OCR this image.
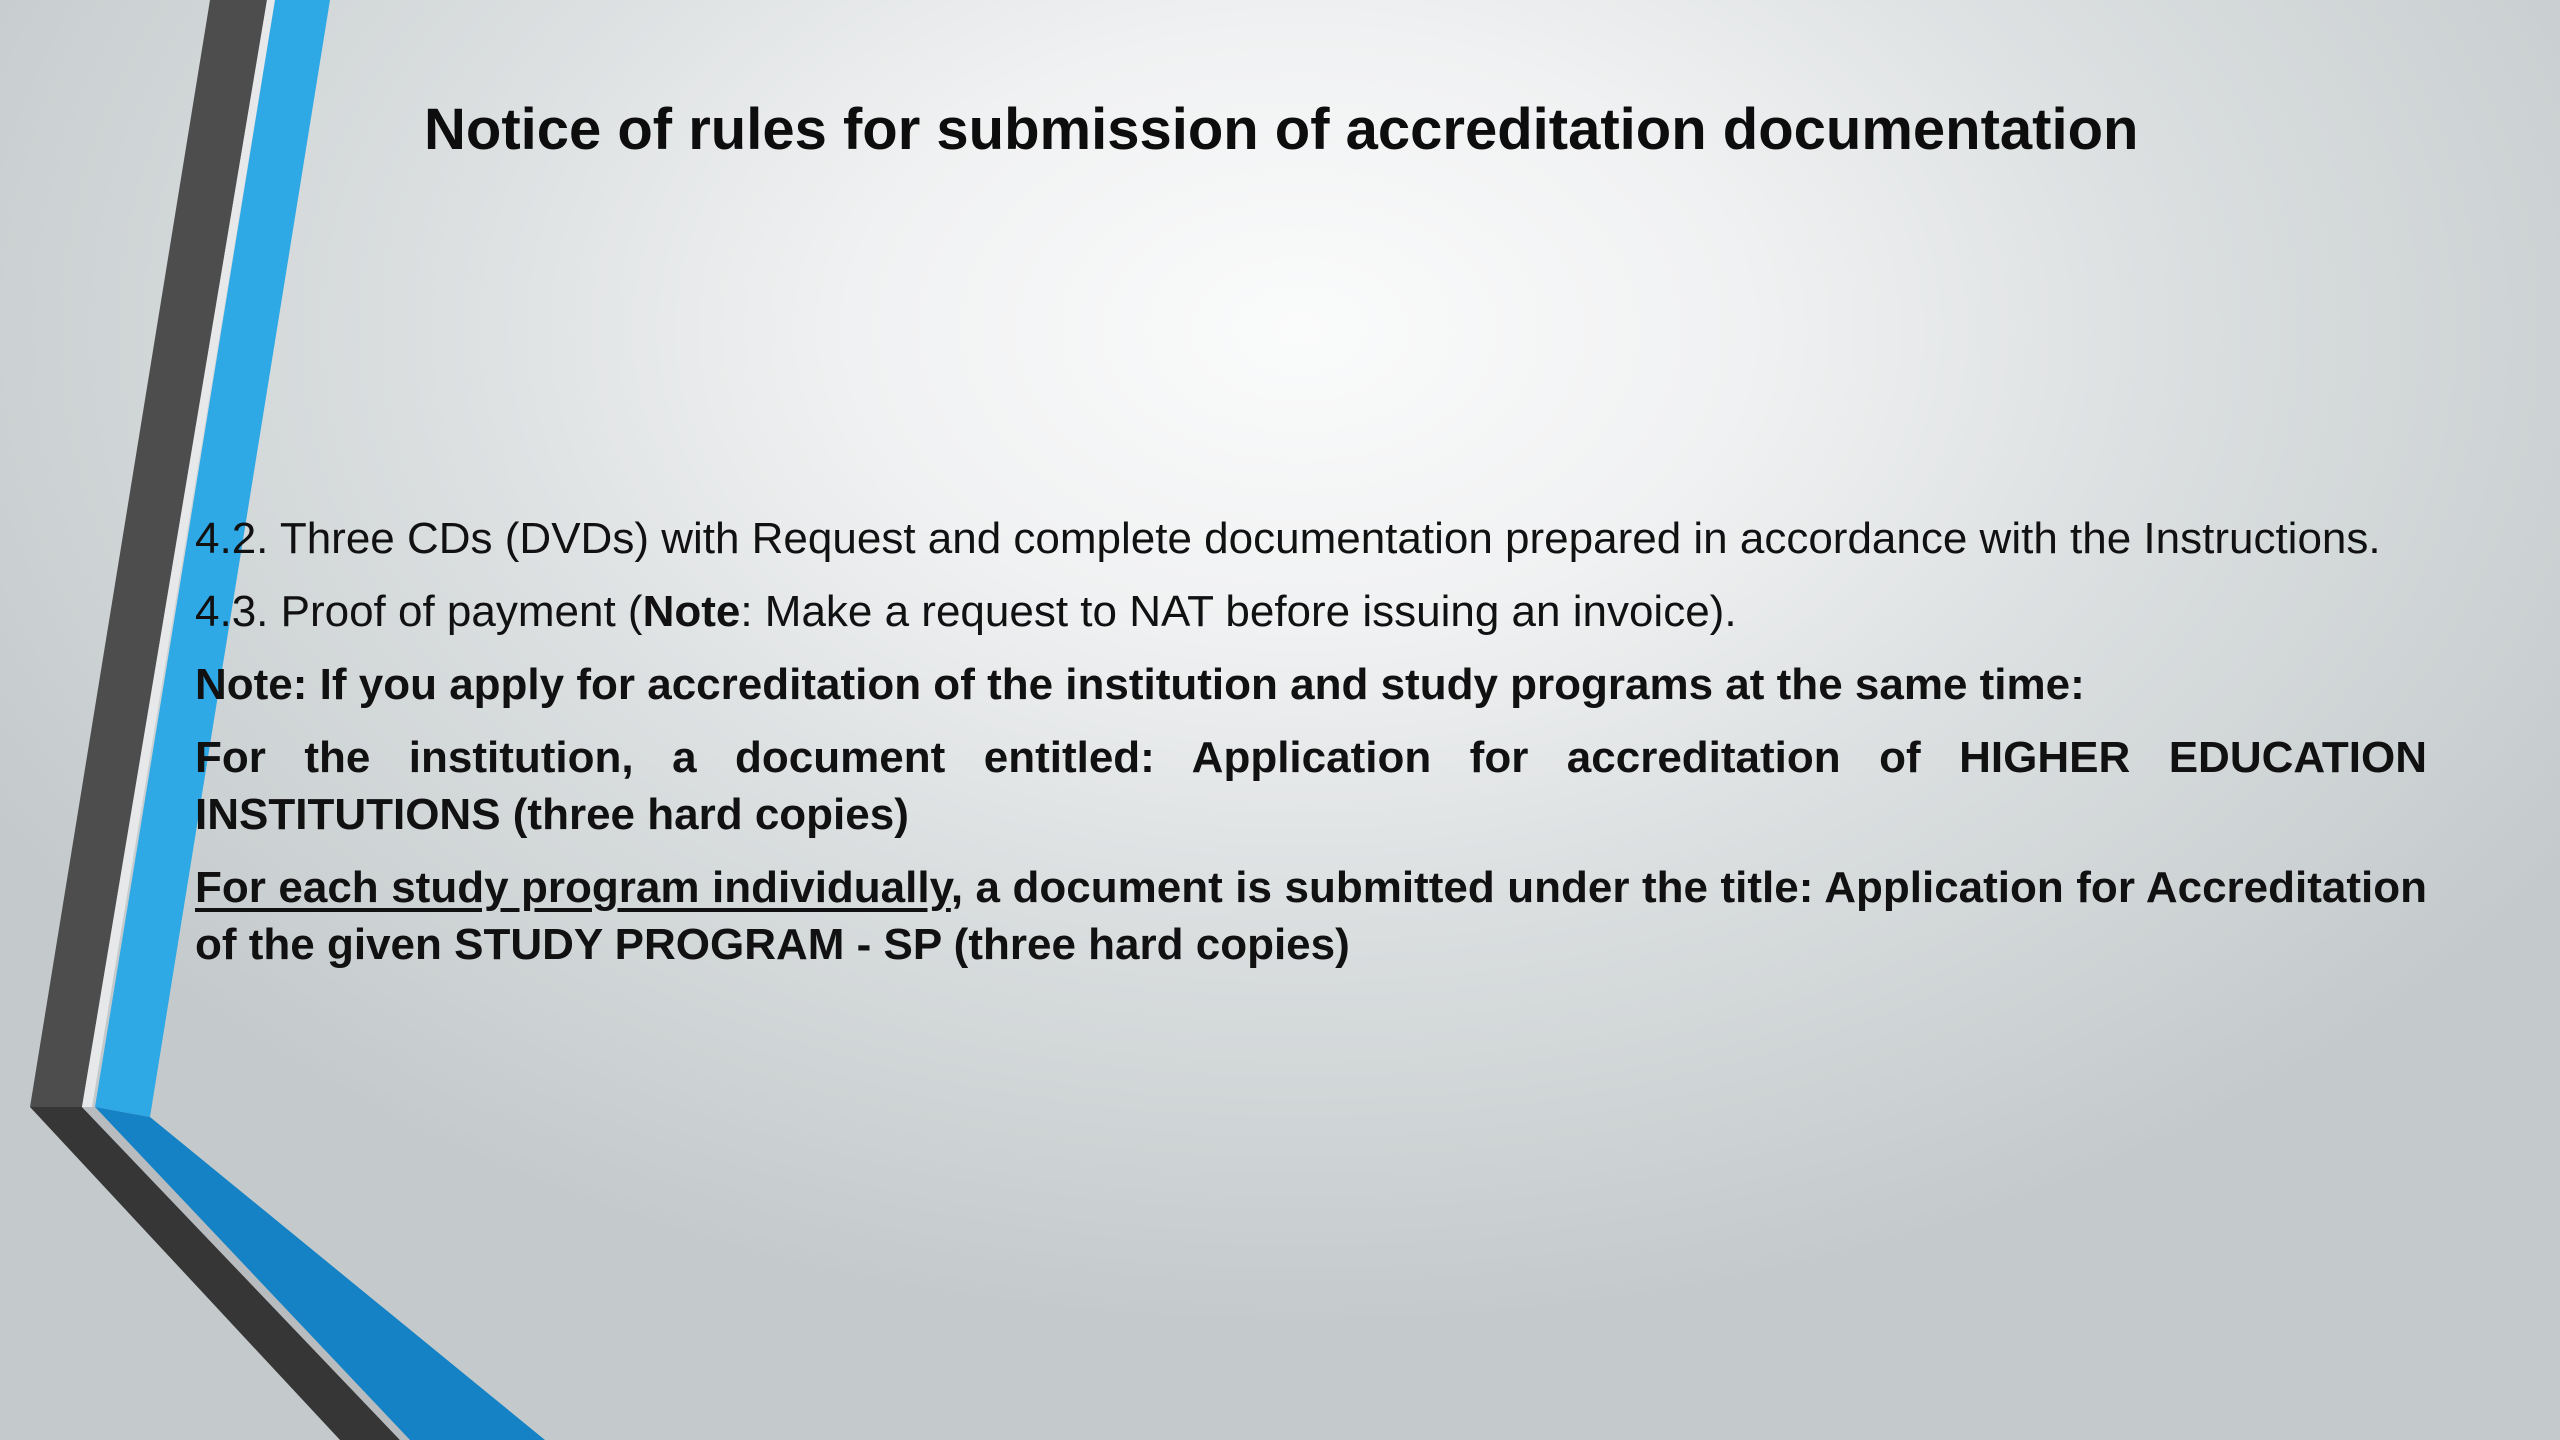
Notice of rules for submission of accreditation documentation

4.2. Three CDs (DVDs) with Request and complete documentation prepared in accordance with the Instructions.

4.3. Proof of payment (Note: Make a request to NAT before issuing an invoice).

Note: If you apply for accreditation of the institution and study programs at the same time:

For the institution, a document entitled: Application for accreditation of HIGHER EDUCATION INSTITUTIONS (three hard copies)

For each study program individually, a document is submitted under the title: Application for Accreditation of the given STUDY PROGRAM - SP (three hard copies)
